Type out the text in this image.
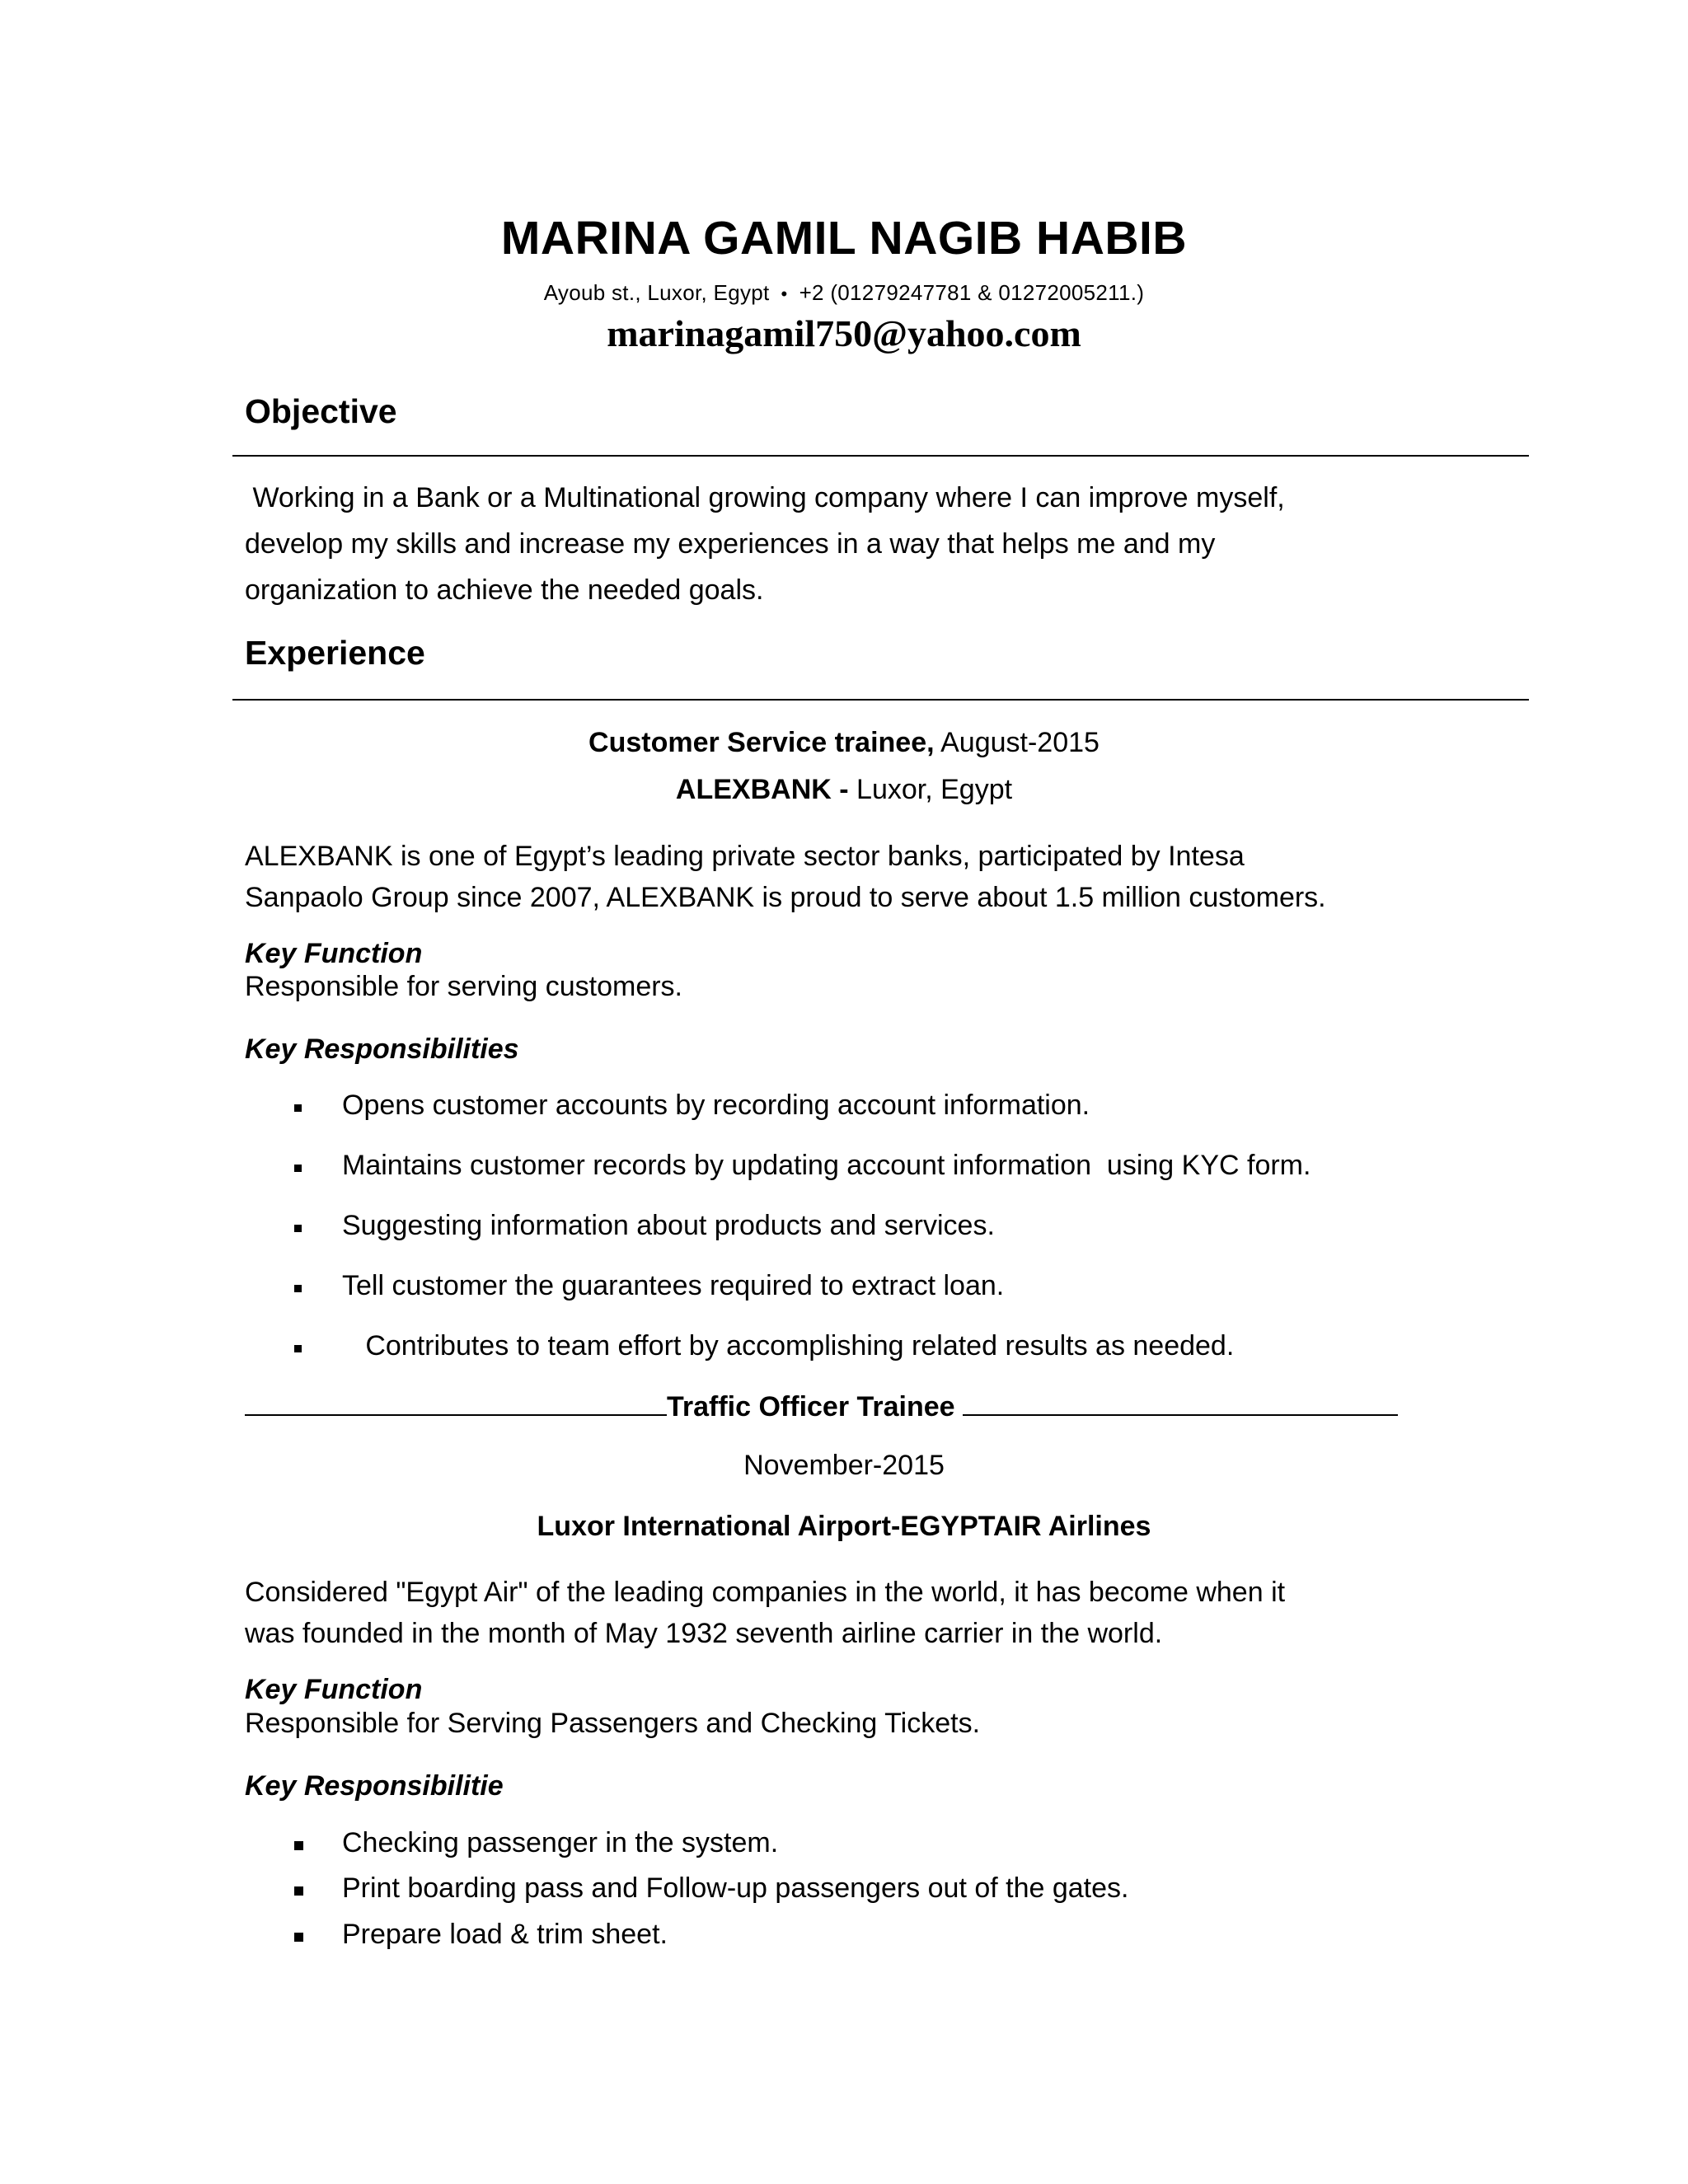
MARINA GAMIL NAGIB HABIB
Ayoub st., Luxor, Egypt • +2 (01279247781 & 01272005211.)
marinagamil750@yahoo.com
Objective
Working in a Bank or a Multinational growing company where I can improve myself,
develop my skills and increase my experiences in a way that helps me and my
organization to achieve the needed goals.
Experience
Customer Service trainee, August-2015
ALEXBANK - Luxor, Egypt
ALEXBANK is one of Egypt’s leading private sector banks, participated by Intesa
Sanpaolo Group since 2007, ALEXBANK is proud to serve about 1.5 million customers.
Key Function
Responsible for serving customers.
Key Responsibilities
Opens customer accounts by recording account information.
Maintains customer records by updating account information  using KYC form.
Suggesting information about products and services.
Tell customer the guarantees required to extract loan.
Contributes to team effort by accomplishing related results as needed.
Traffic Officer Trainee
November-2015
Luxor International Airport-EGYPTAIR Airlines
Considered "Egypt Air" of the leading companies in the world, it has become when it
was founded in the month of May 1932 seventh airline carrier in the world.
Key Function
Responsible for Serving Passengers and Checking Tickets.
Key Responsibilitie
Checking passenger in the system.
Print boarding pass and Follow-up passengers out of the gates.
Prepare load & trim sheet.
